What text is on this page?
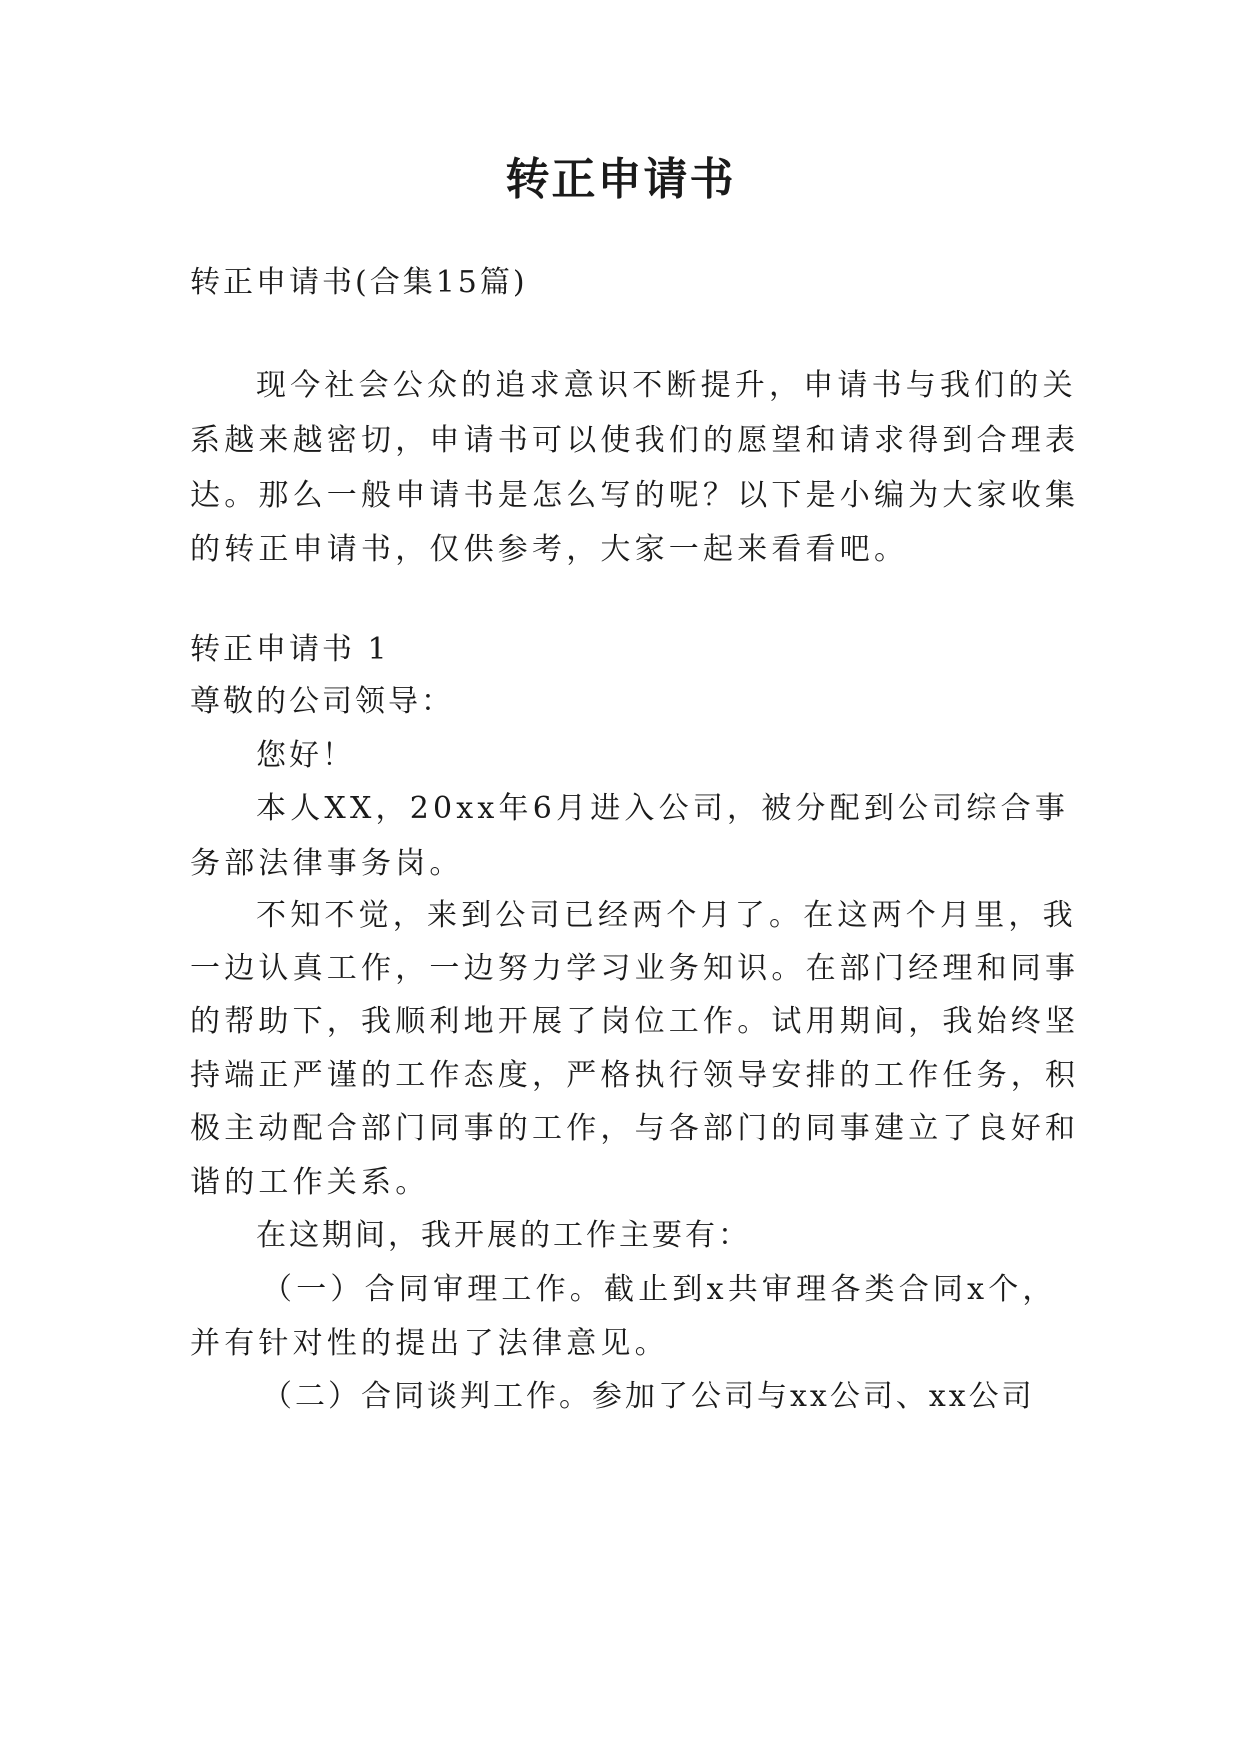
转正申请书
转正申请书(合集15篇)
现今社会公众的追求意识不断提升，申请书与我们的关
系越来越密切，申请书可以使我们的愿望和请求得到合理表
达。那么一般申请书是怎么写的呢？以下是小编为大家收集
的转正申请书，仅供参考，大家一起来看看吧。
转正申请书 1
尊敬的公司领导：
您好！
本人XX，20xx年6月进入公司，被分配到公司综合事
务部法律事务岗。
不知不觉，来到公司已经两个月了。在这两个月里，我
一边认真工作，一边努力学习业务知识。在部门经理和同事
的帮助下，我顺利地开展了岗位工作。试用期间，我始终坚
持端正严谨的工作态度，严格执行领导安排的工作任务，积
极主动配合部门同事的工作，与各部门的同事建立了良好和
谐的工作关系。
在这期间，我开展的工作主要有：
（一）合同审理工作。截止到x共审理各类合同x个，
并有针对性的提出了法律意见。
（二）合同谈判工作。参加了公司与xx公司、xx公司
